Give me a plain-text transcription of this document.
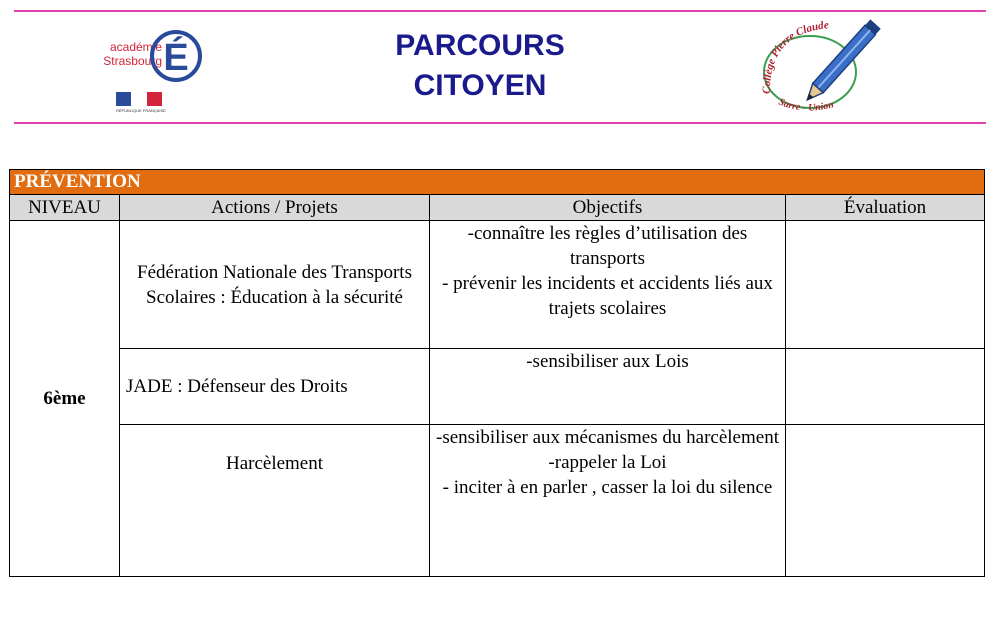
académie
Strasbourg É
RÉPUBLIQUE FRANÇAISE
PARCOURS
CITOYEN	Collège Pierre Claude
Sarre - Union
PRÉVENTION			
NIVEAU	Actions / Projets	Objectifs	Évaluation
6ème	Fédération Nationale des Transports Scolaires : Éducation à la sécurité	-connaître les règles d’utilisation des transports
- prévenir les incidents et accidents liés aux trajets scolaires	

	JADE : Défenseur des Droits	-sensibiliser aux Lois	

	Harcèlement	-sensibiliser aux mécanismes du harcèlement
-rappeler la Loi
- inciter à en parler , casser la loi du silence	
